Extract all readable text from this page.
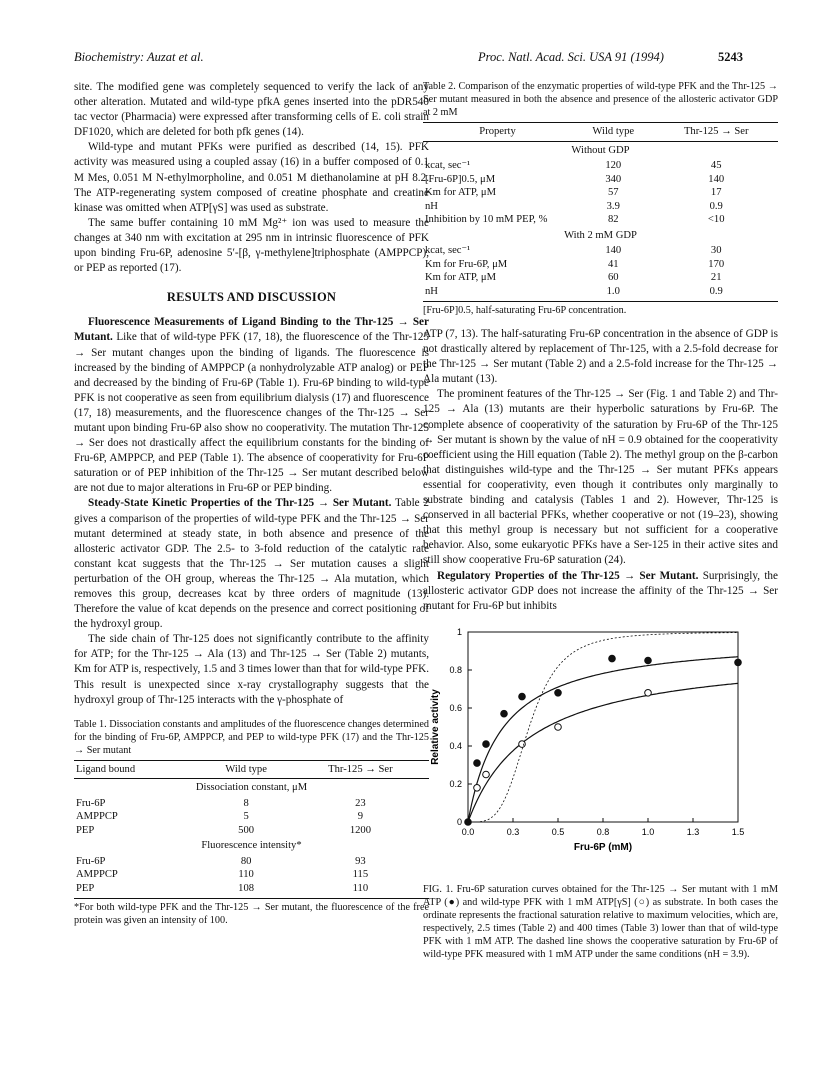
Biochemistry: Auzat et al.	Proc. Natl. Acad. Sci. USA 91 (1994)	5243

site. The modified gene was completely sequenced to verify the lack of any other alteration. Mutated and wild-type pfkA genes inserted into the pDR540 tac vector (Pharmacia) were expressed after transforming cells of E. coli strain DF1020, which are deleted for both pfk genes (14).

Wild-type and mutant PFKs were purified as described (14, 15). PFK activity was measured using a coupled assay (16) in a buffer composed of 0.1 M Mes, 0.051 M N-ethylmorpholine, and 0.051 M diethanolamine at pH 8.2. The ATP-regenerating system composed of creatine phosphate and creatine kinase was omitted when ATP[γS] was used as substrate.

The same buffer containing 10 mM Mg²⁺ ion was used to measure the changes at 340 nm with excitation at 295 nm in intrinsic fluorescence of PFK upon binding Fru-6P, adenosine 5′-[β, γ-methylene]triphosphate (AMPPCP), or PEP as reported (17).

RESULTS AND DISCUSSION

Fluorescence Measurements of Ligand Binding to the Thr-125 → Ser Mutant. Like that of wild-type PFK (17, 18), the fluorescence of the Thr-125 → Ser mutant changes upon the binding of ligands. The fluorescence is increased by the binding of AMPPCP (a nonhydrolyzable ATP analog) or PEP and decreased by the binding of Fru-6P (Table 1). Fru-6P binding to wild-type PFK is not cooperative as seen from equilibrium dialysis (17) and fluorescence (17, 18) measurements, and the fluorescence changes of the Thr-125 → Ser mutant upon binding Fru-6P also show no cooperativity. The mutation Thr-125 → Ser does not drastically affect the equilibrium constants for the binding of Fru-6P, AMPPCP, and PEP (Table 1). The absence of cooperativity for Fru-6P saturation or of PEP inhibition of the Thr-125 → Ser mutant described below are not due to major alterations in Fru-6P or PEP binding.

Steady-State Kinetic Properties of the Thr-125 → Ser Mutant. Table 2 gives a comparison of the properties of wild-type PFK and the Thr-125 → Ser mutant determined at steady state, in both absence and presence of the allosteric activator GDP. The 2.5- to 3-fold reduction of the catalytic rate constant kcat suggests that the Thr-125 → Ser mutation causes a slight perturbation of the OH group, whereas the Thr-125 → Ala mutation, which removes this group, decreases kcat by three orders of magnitude (13). Therefore the value of kcat depends on the presence and correct positioning of the hydroxyl group.

The side chain of Thr-125 does not significantly contribute to the affinity for ATP; for the Thr-125 → Ala (13) and Thr-125 → Ser (Table 2) mutants, Km for ATP is, respectively, 1.5 and 3 times lower than that for wild-type PFK. This result is unexpected since x-ray crystallography suggests that the hydroxyl group of Thr-125 interacts with the γ-phosphate of

Table 1. Dissociation constants and amplitudes of the fluorescence changes determined for the binding of Fru-6P, AMPPCP, and PEP to wild-type PFK (17) and the Thr-125 → Ser mutant
Ligand bound	Wild type	Thr-125 → Ser
Dissociation constant, μM		
Fru-6P	8	23
AMPPCP	5	9
PEP	500	1200
Fluorescence intensity*		
Fru-6P	80	93
AMPPCP	110	115
PEP	108	110
*For both wild-type PFK and the Thr-125 → Ser mutant, the fluorescence of the free protein was given an intensity of 100.
Table 2. Comparison of the enzymatic properties of wild-type PFK and the Thr-125 → Ser mutant measured in both the absence and presence of the allosteric activator GDP at 2 mM
Property	Wild type	Thr-125 → Ser
Without GDP		
kcat, sec⁻¹	120	45
[Fru-6P]0.5, μM	340	140
Km for ATP, μM	57	17
nH	3.9	0.9
Inhibition by 10 mM PEP, %	82	<10
With 2 mM GDP		
kcat, sec⁻¹	140	30
Km for Fru-6P, μM	41	170
Km for ATP, μM	60	21
nH	1.0	0.9
[Fru-6P]0.5, half-saturating Fru-6P concentration.

ATP (7, 13). The half-saturating Fru-6P concentration in the absence of GDP is not drastically altered by replacement of Thr-125, with a 2.5-fold decrease for the Thr-125 → Ser mutant (Table 2) and a 2.5-fold increase for the Thr-125 → Ala mutant (13).

The prominent features of the Thr-125 → Ser (Fig. 1 and Table 2) and Thr-125 → Ala (13) mutants are their hyperbolic saturations by Fru-6P. The complete absence of cooperativity of the saturation by Fru-6P of the Thr-125 → Ser mutant is shown by the value of nH = 0.9 obtained for the cooperativity coefficient using the Hill equation (Table 2). The methyl group on the β-carbon that distinguishes wild-type and the Thr-125 → Ser mutant PFKs appears essential for cooperativity, even though it contributes only marginally to substrate binding and catalysis (Tables 1 and 2). However, Thr-125 is conserved in all bacterial PFKs, whether cooperative or not (19–23), showing that this methyl group is necessary but not sufficient for a cooperative behavior. Also, some eukaryotic PFKs have a Ser-125 in their active sites and still show cooperative Fru-6P saturation (24).

Regulatory Properties of the Thr-125 → Ser Mutant. Surprisingly, the allosteric activator GDP does not increase the affinity of the Thr-125 → Ser mutant for Fru-6P but inhibits

0.0	0.3	0.5	0.8	1.0	1.3	1.5
0
0.2
0.4
0.6
0.8
1
Fru-6P (mM)
Relative activity
FIG. 1. Fru-6P saturation curves obtained for the Thr-125 → Ser mutant with 1 mM ATP (●) and wild-type PFK with 1 mM ATP[γS] (○) as substrate. In both cases the ordinate represents the fractional saturation relative to maximum velocities, which are, respectively, 2.5 times (Table 2) and 400 times (Table 3) lower than that of wild-type PFK with 1 mM ATP. The dashed line shows the cooperative saturation by Fru-6P of wild-type PFK measured with 1 mM ATP under the same conditions (nH = 3.9).
